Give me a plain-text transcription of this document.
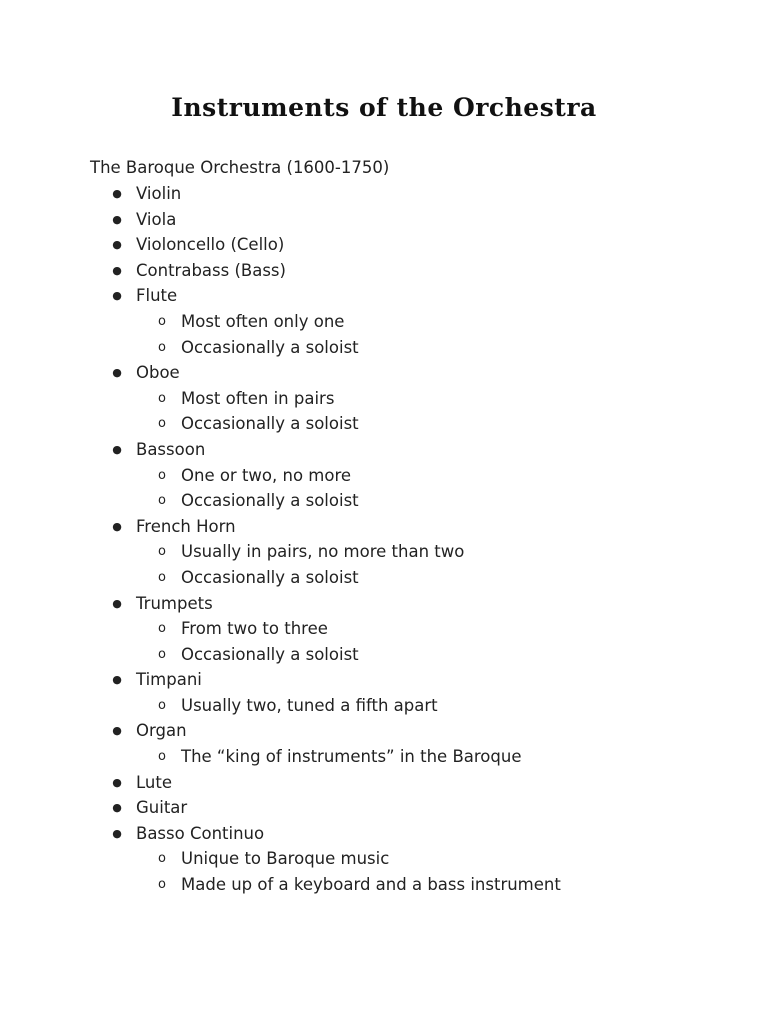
Instruments of the Orchestra
The Baroque Orchestra (1600-1750)
● Violin
● Viola
● Violoncello (Cello)
● Contrabass (Bass)
● Flute
o Most often only one
o Occasionally a soloist
● Oboe
o Most often in pairs
o Occasionally a soloist
● Bassoon
o One or two, no more
o Occasionally a soloist
● French Horn
o Usually in pairs, no more than two
o Occasionally a soloist
● Trumpets
o From two to three
o Occasionally a soloist
● Timpani
o Usually two, tuned a fifth apart
● Organ
o The “king of instruments” in the Baroque
● Lute
● Guitar
● Basso Continuo
o Unique to Baroque music
o Made up of a keyboard and a bass instrument
